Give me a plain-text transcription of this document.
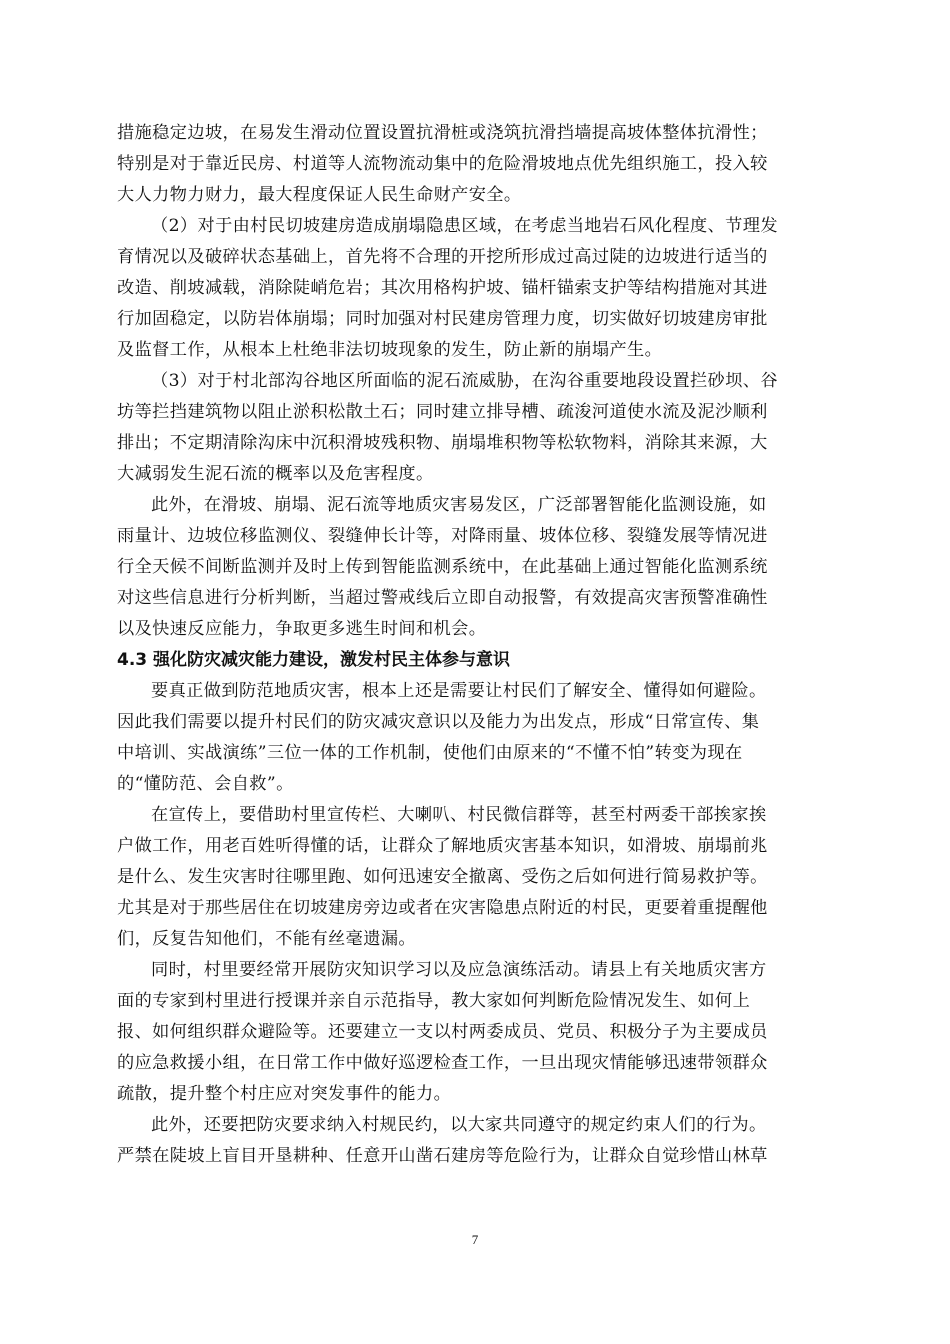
措施稳定边坡，在易发生滑动位置设置抗滑桩或浇筑抗滑挡墙提高坡体整体抗滑性；
特别是对于靠近民房、村道等人流物流动集中的危险滑坡地点优先组织施工，投入较
大人力物力财力，最大程度保证人民生命财产安全。
（2）对于由村民切坡建房造成崩塌隐患区域，在考虑当地岩石风化程度、节理发
育情况以及破碎状态基础上，首先将不合理的开挖所形成过高过陡的边坡进行适当的
改造、削坡减载，消除陡峭危岩；其次用格构护坡、锚杆锚索支护等结构措施对其进
行加固稳定，以防岩体崩塌；同时加强对村民建房管理力度，切实做好切坡建房审批
及监督工作，从根本上杜绝非法切坡现象的发生，防止新的崩塌产生。
（3）对于村北部沟谷地区所面临的泥石流威胁，在沟谷重要地段设置拦砂坝、谷
坊等拦挡建筑物以阻止淤积松散土石；同时建立排导槽、疏浚河道使水流及泥沙顺利
排出；不定期清除沟床中沉积滑坡残积物、崩塌堆积物等松软物料，消除其来源，大
大减弱发生泥石流的概率以及危害程度。
此外，在滑坡、崩塌、泥石流等地质灾害易发区，广泛部署智能化监测设施，如
雨量计、边坡位移监测仪、裂缝伸长计等，对降雨量、坡体位移、裂缝发展等情况进
行全天候不间断监测并及时上传到智能监测系统中，在此基础上通过智能化监测系统
对这些信息进行分析判断，当超过警戒线后立即自动报警，有效提高灾害预警准确性
以及快速反应能力，争取更多逃生时间和机会。
4.3 强化防灾减灾能力建设，激发村民主体参与意识
要真正做到防范地质灾害，根本上还是需要让村民们了解安全、懂得如何避险。
因此我们需要以提升村民们的防灾减灾意识以及能力为出发点，形成“日常宣传、集
中培训、实战演练”三位一体的工作机制，使他们由原来的“不懂不怕”转变为现在
的“懂防范、会自救”。
在宣传上，要借助村里宣传栏、大喇叭、村民微信群等，甚至村两委干部挨家挨
户做工作，用老百姓听得懂的话，让群众了解地质灾害基本知识，如滑坡、崩塌前兆
是什么、发生灾害时往哪里跑、如何迅速安全撤离、受伤之后如何进行简易救护等。
尤其是对于那些居住在切坡建房旁边或者在灾害隐患点附近的村民，更要着重提醒他
们，反复告知他们，不能有丝毫遗漏。
同时，村里要经常开展防灾知识学习以及应急演练活动。请县上有关地质灾害方
面的专家到村里进行授课并亲自示范指导，教大家如何判断危险情况发生、如何上
报、如何组织群众避险等。还要建立一支以村两委成员、党员、积极分子为主要成员
的应急救援小组，在日常工作中做好巡逻检查工作，一旦出现灾情能够迅速带领群众
疏散，提升整个村庄应对突发事件的能力。
此外，还要把防灾要求纳入村规民约，以大家共同遵守的规定约束人们的行为。
严禁在陡坡上盲目开垦耕种、任意开山凿石建房等危险行为，让群众自觉珍惜山林草
7
